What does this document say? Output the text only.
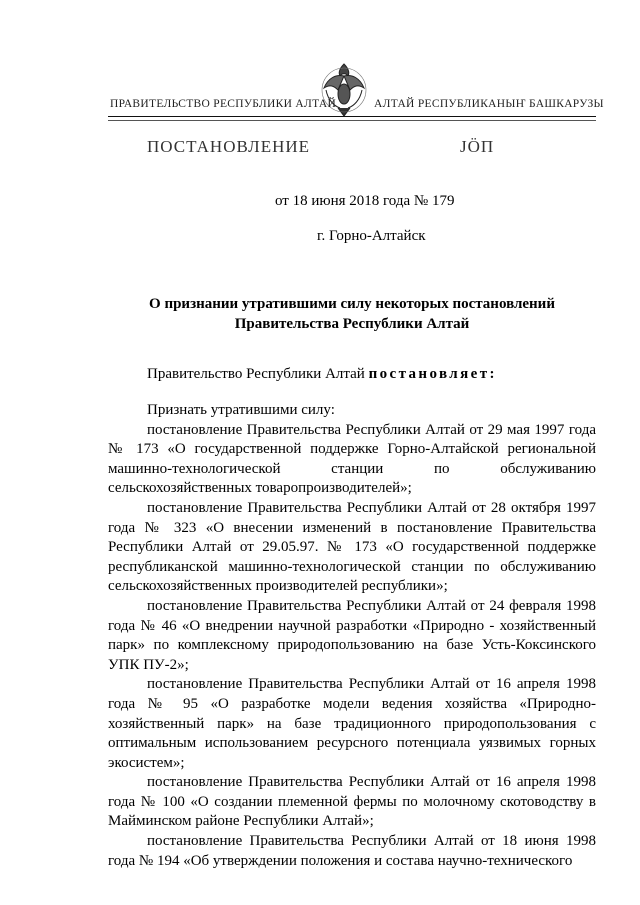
ПРАВИТЕЛЬСТВО РЕСПУБЛИКИ АЛТАЙ	АЛТАЙ РЕСПУБЛИКАНЫҤ БАШКАРУЗЫ
ПОСТАНОВЛЕНИЕ	ЈӦП
от 18 июня 2018 года № 179
г. Горно-Алтайск
О признании утратившими силу некоторых постановлений
Правительства Республики Алтай
Правительство Республики Алтай постановляет:

Признать утратившими силу:

постановление Правительства Республики Алтай от 29 мая 1997 года № 173 «О государственной поддержке Горно-Алтайской региональной машинно-технологической станции по обслуживанию сельскохозяйственных товаропроизводителей»;

постановление Правительства Республики Алтай от 28 октября 1997 года № 323 «О внесении изменений в постановление Правительства Республики Алтай от 29.05.97. № 173 «О государственной поддержке республиканской машинно-технологической станции по обслуживанию сельскохозяйственных производителей республики»;

постановление Правительства Республики Алтай от 24 февраля 1998 года № 46 «О внедрении научной разработки «Природно - хозяйственный парк» по комплексному природопользованию на базе Усть-Коксинского УПК ПУ-2»;

постановление Правительства Республики Алтай от 16 апреля 1998 года № 95 «О разработке модели ведения хозяйства «Природно-хозяйственный парк» на базе традиционного природопользования с оптимальным использованием ресурсного потенциала уязвимых горных экосистем»;

постановление Правительства Республики Алтай от 16 апреля 1998 года № 100 «О создании племенной фермы по молочному скотоводству в Майминском районе Республики Алтай»;

постановление Правительства Республики Алтай от 18 июня 1998 года № 194 «Об утверждении положения и состава научно-технического
